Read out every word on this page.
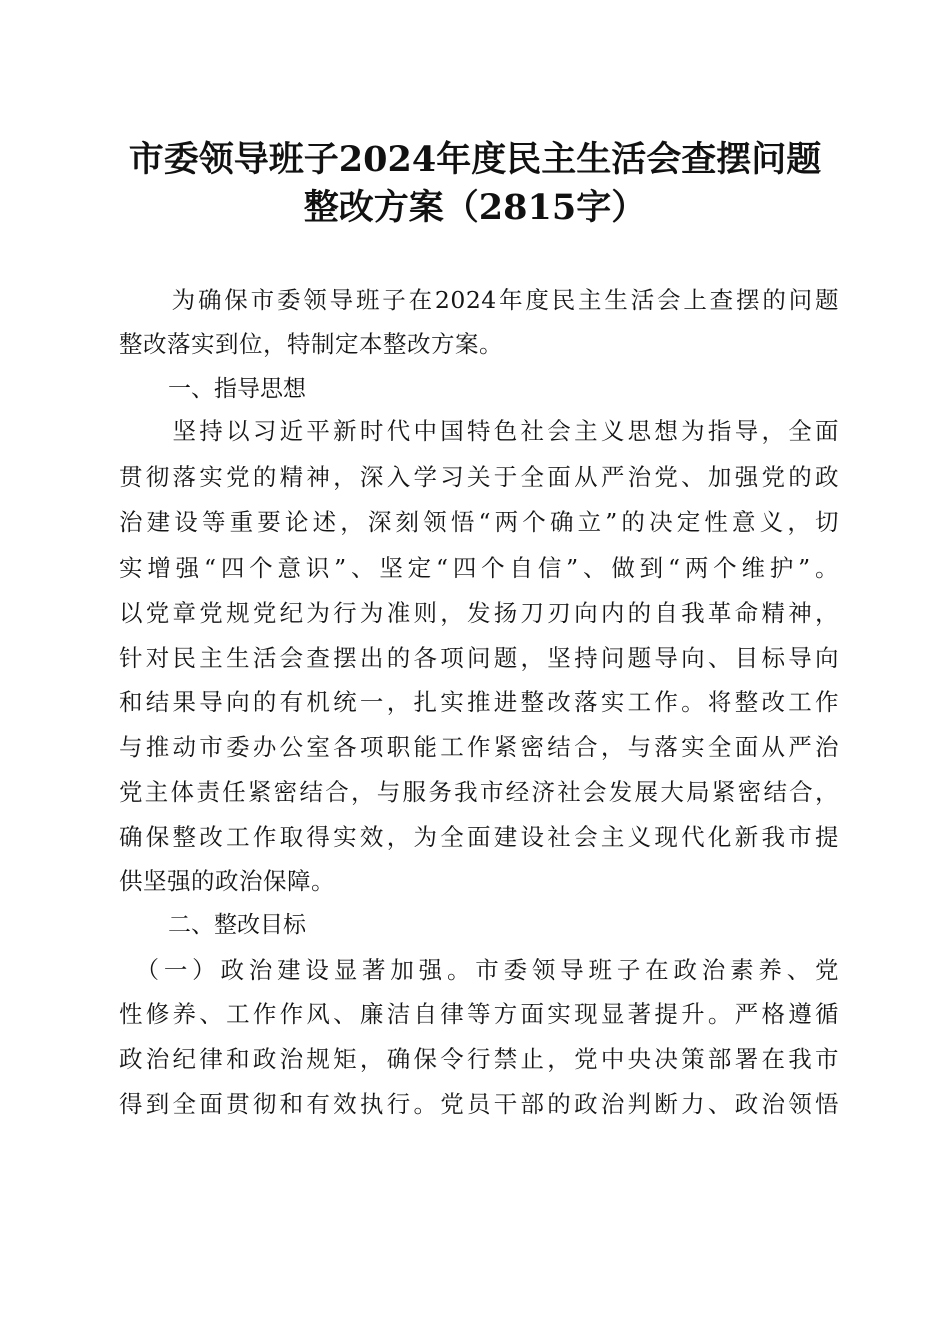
市委领导班子2024年度民主生活会查摆问题
整改方案（2815字）
　　为确保市委领导班子在2024年度民主生活会上查摆的问题
整改落实到位，特制定本整改方案。
一、指导思想
　　坚持以习近平新时代中国特色社会主义思想为指导，全面
贯彻落实党的精神，深入学习关于全面从严治党、加强党的政
治建设等重要论述，深刻领悟“两个确立”的决定性意义，切
实增强“四个意识”、坚定“四个自信”、做到“两个维护”。
以党章党规党纪为行为准则，发扬刀刃向内的自我革命精神，
针对民主生活会查摆出的各项问题，坚持问题导向、目标导向
和结果导向的有机统一，扎实推进整改落实工作。将整改工作
与推动市委办公室各项职能工作紧密结合，与落实全面从严治
党主体责任紧密结合，与服务我市经济社会发展大局紧密结合，
确保整改工作取得实效，为全面建设社会主义现代化新我市提
供坚强的政治保障。
二、整改目标
　（一）政治建设显著加强。市委领导班子在政治素养、党
性修养、工作作风、廉洁自律等方面实现显著提升。严格遵循
政治纪律和政治规矩，确保令行禁止，党中央决策部署在我市
得到全面贯彻和有效执行。党员干部的政治判断力、政治领悟
